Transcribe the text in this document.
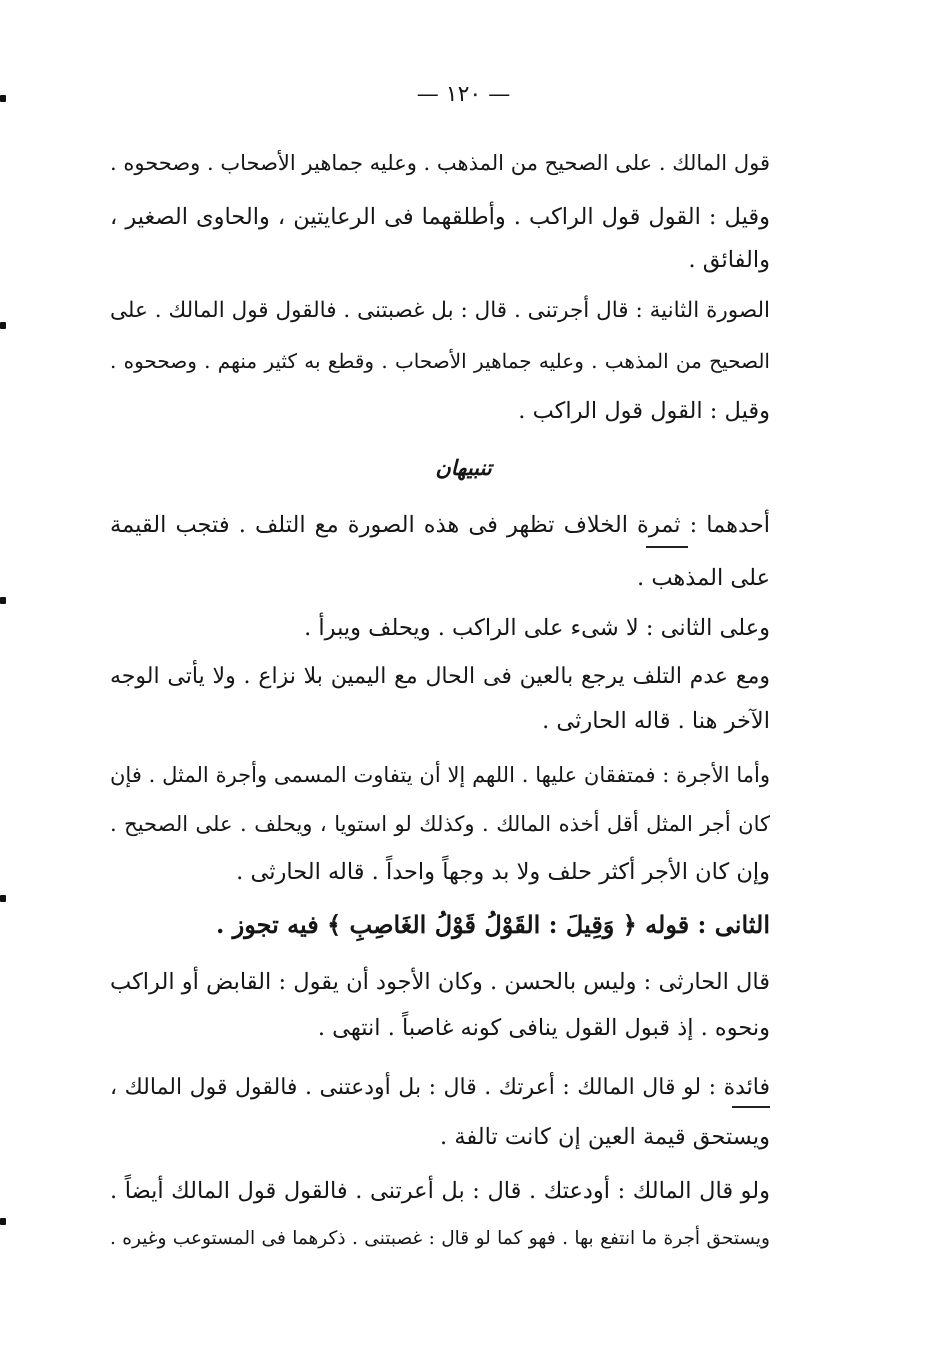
— ١٢٠ —
قول المالك . على الصحيح من المذهب . وعليه جماهير الأصحاب . وصححوه .
وقيل : القول قول الراكب . وأطلقهما فى الرعايتين ، والحاوى الصغير ،
والفائق .
الصورة الثانية : قال أجرتنى . قال : بل غصبتنى . فالقول قول المالك . على
الصحيح من المذهب . وعليه جماهير الأصحاب . وقطع به كثير منهم . وصححوه .
وقيل : القول قول الراكب .
تنبيهان
أحدهما : ثمرة الخلاف تظهر فى هذه الصورة مع التلف . فتجب القيمة
على المذهب .
وعلى الثانى : لا شىء على الراكب . ويحلف ويبرأ .
ومع عدم التلف يرجع بالعين فى الحال مع اليمين بلا نزاع . ولا يأتى الوجه
الآخر هنا . قاله الحارثى .
وأما الأجرة : فمتفقان عليها . اللهم إلا أن يتفاوت المسمى وأجرة المثل . فإن
كان أجر المثل أقل أخذه المالك . وكذلك لو استويا ، ويحلف . على الصحيح .
وإن كان الأجر أكثر حلف ولا بد وجهاً واحداً . قاله الحارثى .
الثانى : قوله ﴿ وَقِيلَ : القَوْلُ قَوْلُ الغَاصِبِ ﴾ فيه تجوز .
قال الحارثى : وليس بالحسن . وكان الأجود أن يقول : القابض أو الراكب
ونحوه . إذ قبول القول ينافى كونه غاصباً . انتهى .
فائدة : لو قال المالك : أعرتك . قال : بل أودعتنى . فالقول قول المالك ،
ويستحق قيمة العين إن كانت تالفة .
ولو قال المالك : أودعتك . قال : بل أعرتنى . فالقول قول المالك أيضاً .
ويستحق أجرة ما انتفع بها . فهو كما لو قال : غصبتنى . ذكرهما فى المستوعب وغيره .
